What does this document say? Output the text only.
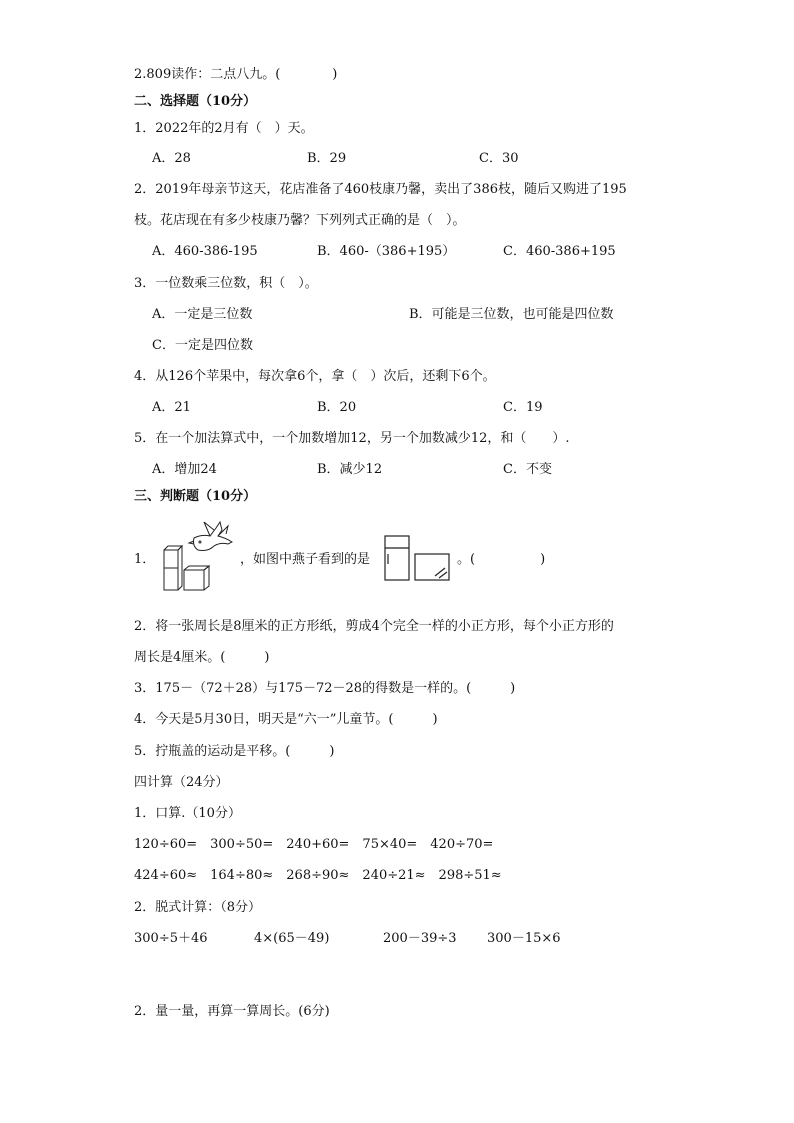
2.809读作：二点八九。(　　　　)
二、选择题（10分）
1．2022年的2月有（　）天。
A．28	B．29	C．30
2．2019年母亲节这天，花店准备了460枝康乃馨，卖出了386枝，随后又购进了195
枝。花店现在有多少枝康乃馨？下列列式正确的是（　）。
A．460-386-195	B．460-（386+195）	C．460-386+195
3．一位数乘三位数，积（　）。
A．一定是三位数	B．可能是三位数，也可能是四位数
C．一定是四位数
4．从126个苹果中，每次拿6个，拿（　）次后，还剩下6个。
A．21	B．20	C．19
5．在一个加法算式中，一个加数增加12，另一个加数减少12，和（　　）.
A．增加24	B．减少12	C．不变
三、判断题（10分）
1．	，如图中燕子看到的是	。(　　　　　)
2．将一张周长是8厘米的正方形纸，剪成4个完全一样的小正方形，每个小正方形的
周长是4厘米。(　　　)
3．175－（72＋28）与175－72－28的得数是一样的。(　　　)
4．今天是5月30日，明天是“六一”儿童节。(　　　)
5．拧瓶盖的运动是平移。(　　　)
四计算（24分）
1．口算.（10分）
120÷60=　300÷50=　240+60=　75×40=　420÷70=
424÷60≈　164÷80≈　268÷90≈　240÷21≈　298÷51≈
2．脱式计算：（8分）
300÷5＋46	4×(65－49)	200－39÷3 300－15×6
2．量一量，再算一算周长。(6分)
